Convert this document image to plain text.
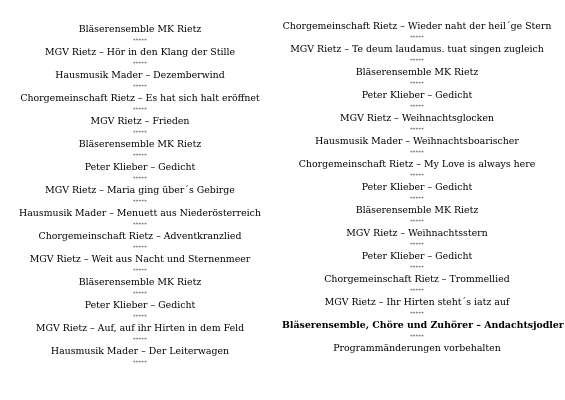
Bläserensemble MK Rietz
*****
MGV Rietz – Hör in den Klang der Stille
*****
Hausmusik Mader – Dezemberwind
*****
Chorgemeinschaft Rietz – Es hat sich halt eröffnet
*****
MGV Rietz – Frieden
*****
Bläserensemble MK Rietz
*****
Peter Klieber – Gedicht
*****
MGV Rietz – Maria ging über´s Gebirge
*****
Hausmusik Mader – Menuett aus Niederösterreich
*****
Chorgemeinschaft Rietz – Adventkranzlied
*****
MGV Rietz – Weit aus Nacht und Sternenmeer
*****
Bläserensemble MK Rietz
*****
Peter Klieber – Gedicht
*****
MGV Rietz – Auf, auf ihr Hirten in dem Feld
*****
Hausmusik Mader – Der Leiterwagen
*****
Chorgemeinschaft Rietz – Wieder naht der heil´ge Stern
*****
MGV Rietz – Te deum laudamus. tuat singen zugleich
*****
Bläserensemble MK Rietz
*****
Peter Klieber – Gedicht
*****
MGV Rietz – Weihnachtsglocken
*****
Hausmusik Mader – Weihnachtsboarischer
*****
Chorgemeinschaft Rietz – My Love is always here
*****
Peter Klieber – Gedicht
*****
Bläserensemble MK Rietz
*****
MGV Rietz – Weihnachtsstern
*****
Peter Klieber – Gedicht
*****
Chorgemeinschaft Rietz – Trommellied
*****
MGV Rietz – Ihr Hirten steht´s iatz auf
*****
Bläserensemble, Chöre und Zuhörer – Andachtsjodler
*****
Programmänderungen vorbehalten
